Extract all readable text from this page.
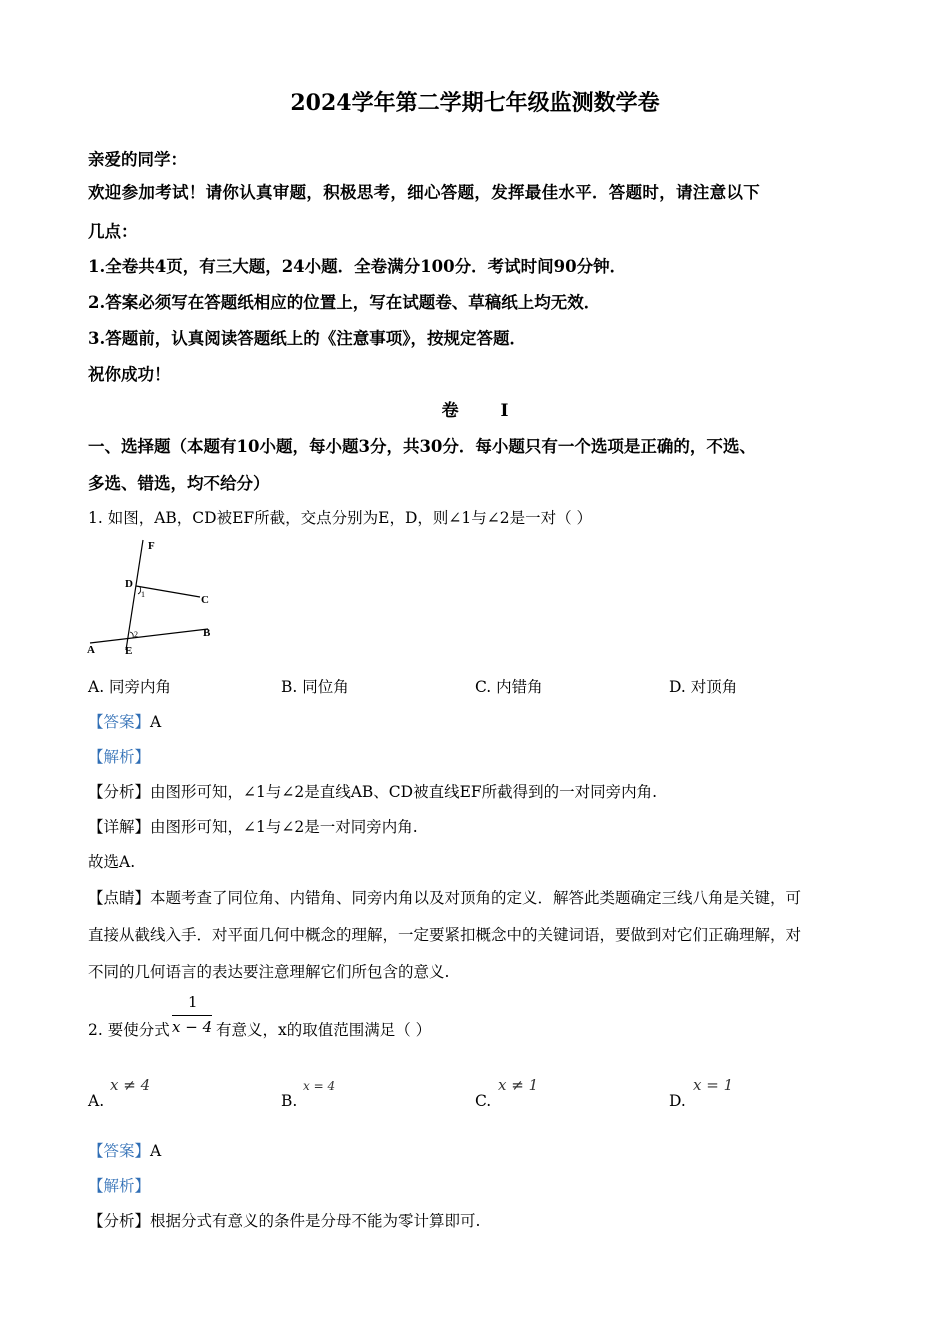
2024学年第二学期七年级监测数学卷
亲爱的同学：
欢迎参加考试！请你认真审题，积极思考，细心答题，发挥最佳水平．答题时，请注意以下
几点：
1.全卷共4页，有三大题，24小题．全卷满分100分．考试时间90分钟．
2.答案必须写在答题纸相应的位置上，写在试题卷、草稿纸上均无效．
3.答题前，认真阅读答题纸上的《注意事项》，按规定答题．
祝你成功！
卷 Ⅰ
一、选择题（本题有10小题，每小题3分，共30分．每小题只有一个选项是正确的，不选、
多选、错选，均不给分）
1. 如图，AB，CD被EF所截，交点分别为E，D，则∠1与∠2是一对（ ）
F
D
C
1
2
A	E
B
A. 同旁内角	B. 同位角	C. 内错角	D. 对顶角
【答案】A
【解析】
【分析】由图形可知，∠1与∠2是直线AB、CD被直线EF所截得到的一对同旁内角.
【详解】由图形可知，∠1与∠2是一对同旁内角.
故选A.
【点睛】本题考查了同位角、内错角、同旁内角以及对顶角的定义．解答此类题确定三线八角是关键，可
直接从截线入手．对平面几何中概念的理解，一定要紧扣概念中的关键词语，要做到对它们正确理解，对
不同的几何语言的表达要注意理解它们所包含的意义.
2. 要使分式
1
x − 4 有意义，x的取值范围满足（ ）
A.
x ≠ 4
B.
x = 4
C.
x ≠ 1
D.
x = 1
【答案】A
【解析】
【分析】根据分式有意义的条件是分母不能为零计算即可.
